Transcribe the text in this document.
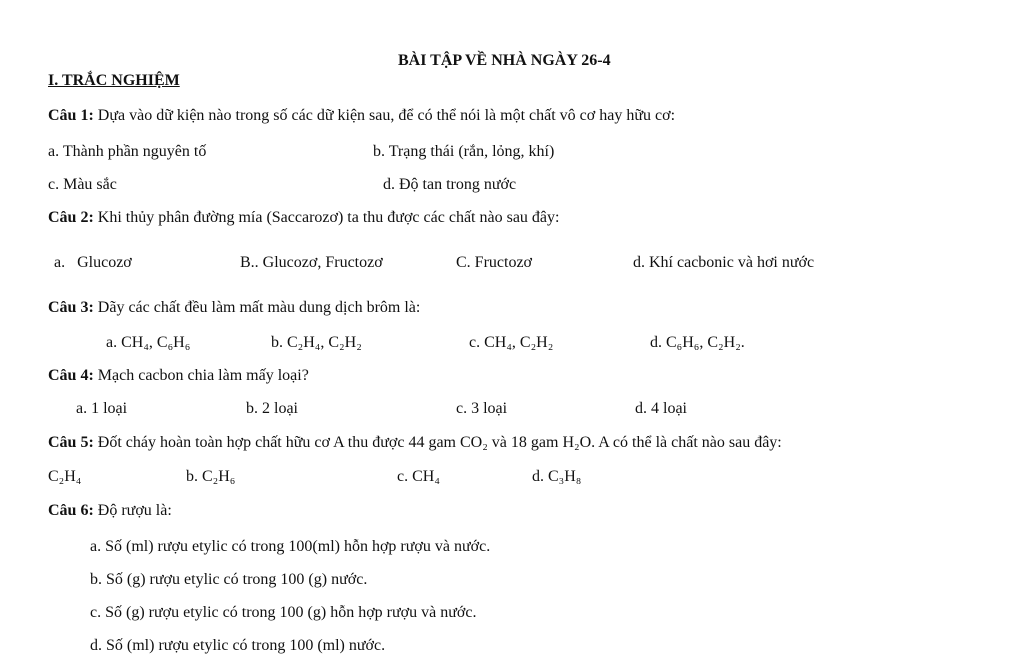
BÀI TẬP VỀ NHÀ NGÀY 26-4
I. TRẮC NGHIỆM
Câu 1: Dựa vào dữ kiện nào trong số các dữ kiện sau, để có thể nói là một chất vô cơ hay hữu cơ:
a. Thành phần nguyên tố	b. Trạng thái (rắn, lỏng, khí)
c. Màu sắc	d. Độ tan trong nước
Câu 2: Khi thủy phân đường mía (Saccarozơ) ta thu được các chất nào sau đây:
a.   Glucozơ	B.. Glucozơ, Fructozơ	C. Fructozơ	d. Khí cacbonic và hơi nước
Câu 3: Dãy các chất đều làm mất màu dung dịch brôm là:
a. CH₄, C₆H₆	b. C₂H₄, C₂H₂	c. CH₄, C₂H₂	d. C₆H₆, C₂H₂.
Câu 4: Mạch cacbon chia làm mấy loại?
a. 1 loại	b. 2 loại	c. 3 loại	d. 4 loại
Câu 5: Đốt cháy hoàn toàn hợp chất hữu cơ A thu được 44 gam CO₂ và 18 gam H₂O. A có thể là chất nào sau đây:
C₂H₄	b. C₂H₆	c. CH₄	d. C₃H₈
Câu 6: Độ rượu là:
a. Số (ml) rượu etylic có trong 100(ml) hỗn hợp rượu và nước.
b. Số (g) rượu etylic có trong 100 (g) nước.
c. Số (g) rượu etylic có trong 100 (g) hỗn hợp rượu và nước.
d. Số (ml) rượu etylic có trong 100 (ml) nước.
